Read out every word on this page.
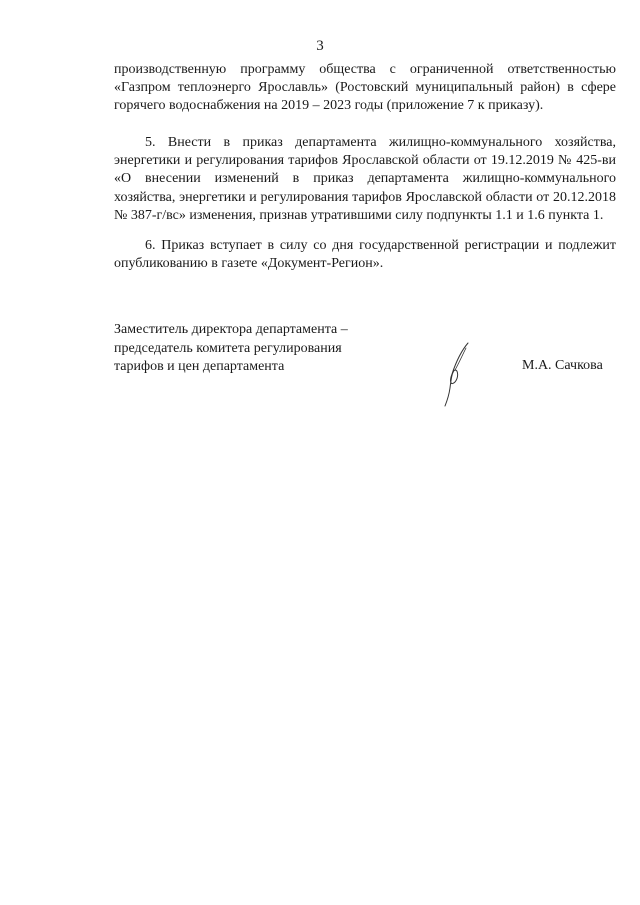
3

производственную программу общества с ограниченной ответственностью «Газпром теплоэнерго Ярославль» (Ростовский муниципальный район) в сфере горячего водоснабжения на 2019 – 2023 годы (приложение 7 к приказу).

5. Внести в приказ департамента жилищно-коммунального хозяйства, энергетики и регулирования тарифов Ярославской области от 19.12.2019 № 425-ви «О внесении изменений в приказ департамента жилищно-коммунального хозяйства, энергетики и регулирования тарифов Ярославской области от 20.12.2018 № 387-г/вс» изменения, признав утратившими силу подпункты 1.1 и 1.6 пункта 1.

6. Приказ вступает в силу со дня государственной регистрации и подлежит опубликованию в газете «Документ-Регион».

Заместитель директора департамента –
председатель комитета регулирования
тарифов и цен департамента	М.А. Сачкова
